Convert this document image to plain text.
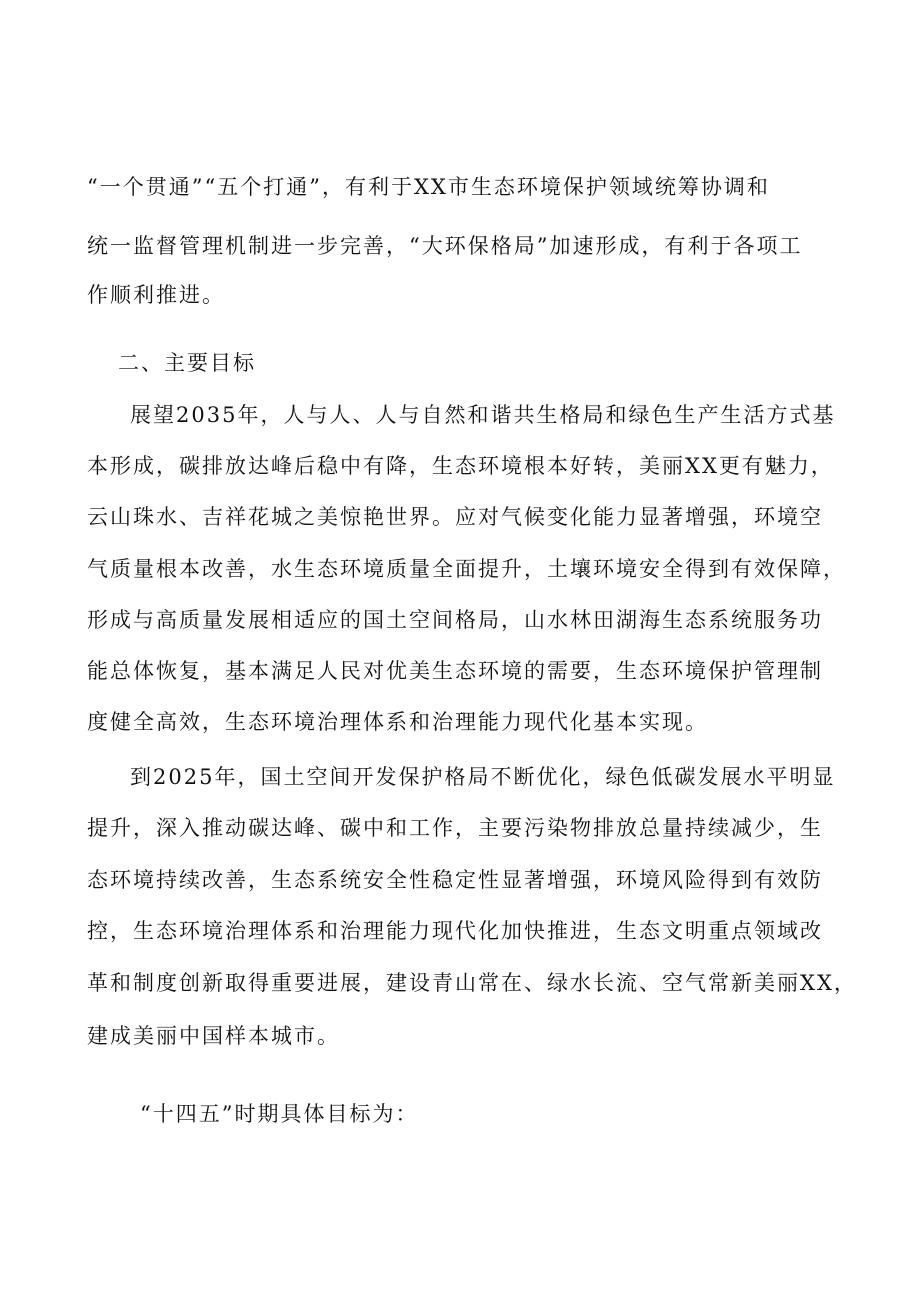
“一个贯通”“五个打通”，有利于XX市生态环境保护领域统筹协调和
统一监督管理机制进一步完善，“大环保格局”加速形成，有利于各项工
作顺利推进。
二、主要目标
展望2035年，人与人、人与自然和谐共生格局和绿色生产生活方式基
本形成，碳排放达峰后稳中有降，生态环境根本好转，美丽XX更有魅力，
云山珠水、吉祥花城之美惊艳世界。应对气候变化能力显著增强，环境空
气质量根本改善，水生态环境质量全面提升，土壤环境安全得到有效保障，
形成与高质量发展相适应的国土空间格局，山水林田湖海生态系统服务功
能总体恢复，基本满足人民对优美生态环境的需要，生态环境保护管理制
度健全高效，生态环境治理体系和治理能力现代化基本实现。
到2025年，国土空间开发保护格局不断优化，绿色低碳发展水平明显
提升，深入推动碳达峰、碳中和工作，主要污染物排放总量持续减少，生
态环境持续改善，生态系统安全性稳定性显著增强，环境风险得到有效防
控，生态环境治理体系和治理能力现代化加快推进，生态文明重点领域改
革和制度创新取得重要进展，建设青山常在、绿水长流、空气常新美丽XX，
建成美丽中国样本城市。
“十四五”时期具体目标为：
